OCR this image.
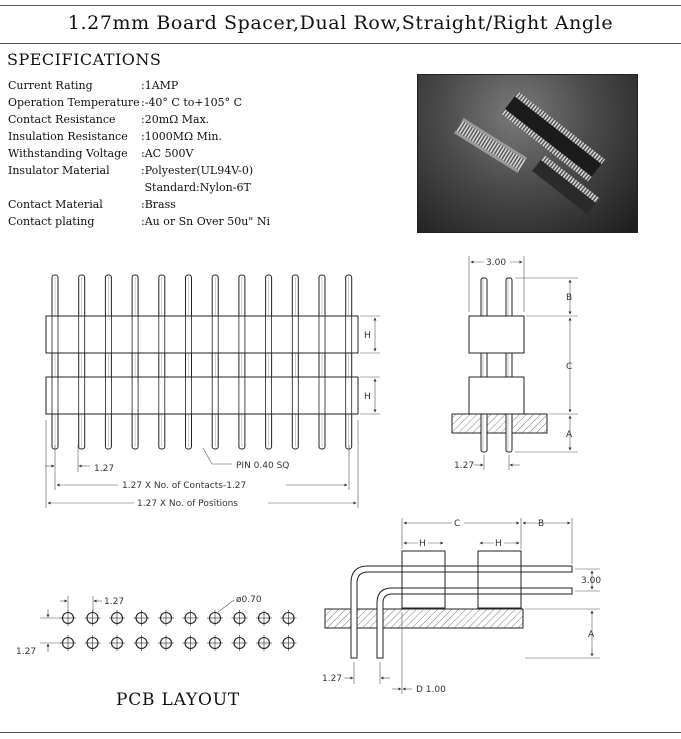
1.27mm Board Spacer,Dual Row,Straight/Right Angle
SPECIFICATIONS
Current Rating	:1AMP
Operation Temperature:-40° C to+105° C
Contact Resistance :20mΩ Max.
Insulation Resistance :1000MΩ Min.
Withstanding Voltage :AC 500V
Insulator Material	:Polyester(UL94V-0)
Standard:Nylon-6T
Contact Material	:Brass
Contact plating	:Au or Sn Over 50u" Ni
H
H
1.27	PIN 0.40 SQ
1.27 X No. of Contacts-1.27
1.27 X No. of Positions
3.00
B
C
A
1.27
C	B
H	H
3.00
A
1.27
D 1.00
1.27
1.27
ø0.70
PCB LAYOUT
